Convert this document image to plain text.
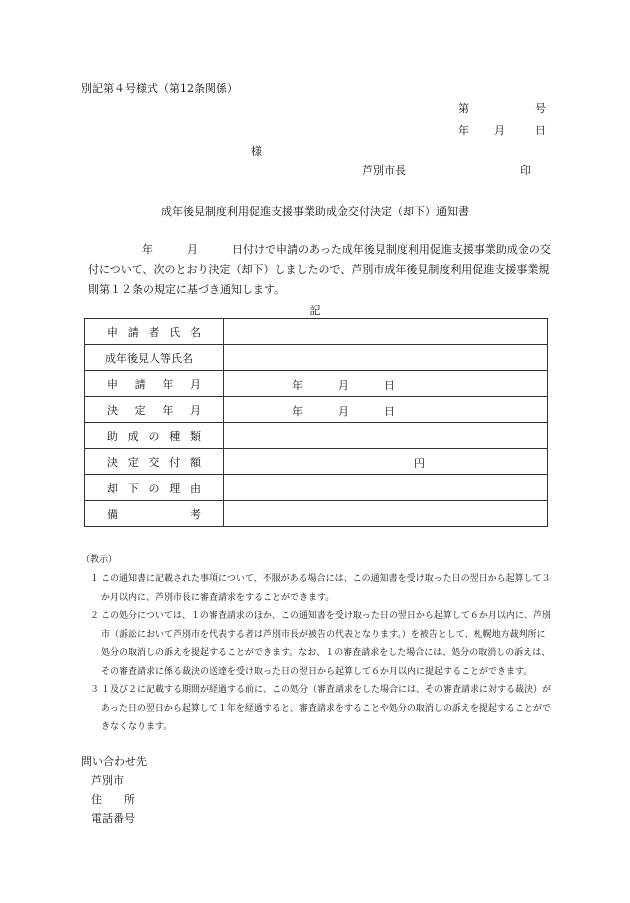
別記第４号様式（第12条関係）
第	号
年 月	日
様
芦別市長	印
成年後見制度利用促進支援事業助成金交付決定（却下）通知書
年	月	日付けで申請のあった成年後見制度利用促進支援事業助成金の交付について、次のとおり決定（却下）しましたので、芦別市成年後見制度利用促進支援事業規則第１２条の規定に基づき通知します。
記
申 請 者 氏 名	

成年後見人等氏名	

申 請 年 月	年 月 日

決 定 年 月	年 月 日

助 成 の 種 類	

決 定 交 付 額	円

却 下 の 理 由	

備 考	

（教示）
１ この通知書に記載された事項について、不服がある場合には、この通知書を受け取った日の翌日から起算して３か月以内に、芦別市長に審査請求をすることができます。
２ この処分については、１の審査請求のほか、この通知書を受け取った日の翌日から起算して６か月以内に、芦別市（訴訟において芦別市を代表する者は芦別市長が被告の代表となります。）を被告として、札幌地方裁判所に処分の取消しの訴えを提起することができます。なお、１の審査請求をした場合には、処分の取消しの訴えは、その審査請求に係る裁決の送達を受け取った日の翌日から起算して６か月以内に提起することができます。
３ １及び２に記載する期間が経過する前に、この処分（審査請求をした場合には、その審査請求に対する裁決）があった日の翌日から起算して１年を経過すると、審査請求をすることや処分の取消しの訴えを提起することができなくなります。
問い合わせ先
芦別市
住　　所
電話番号
